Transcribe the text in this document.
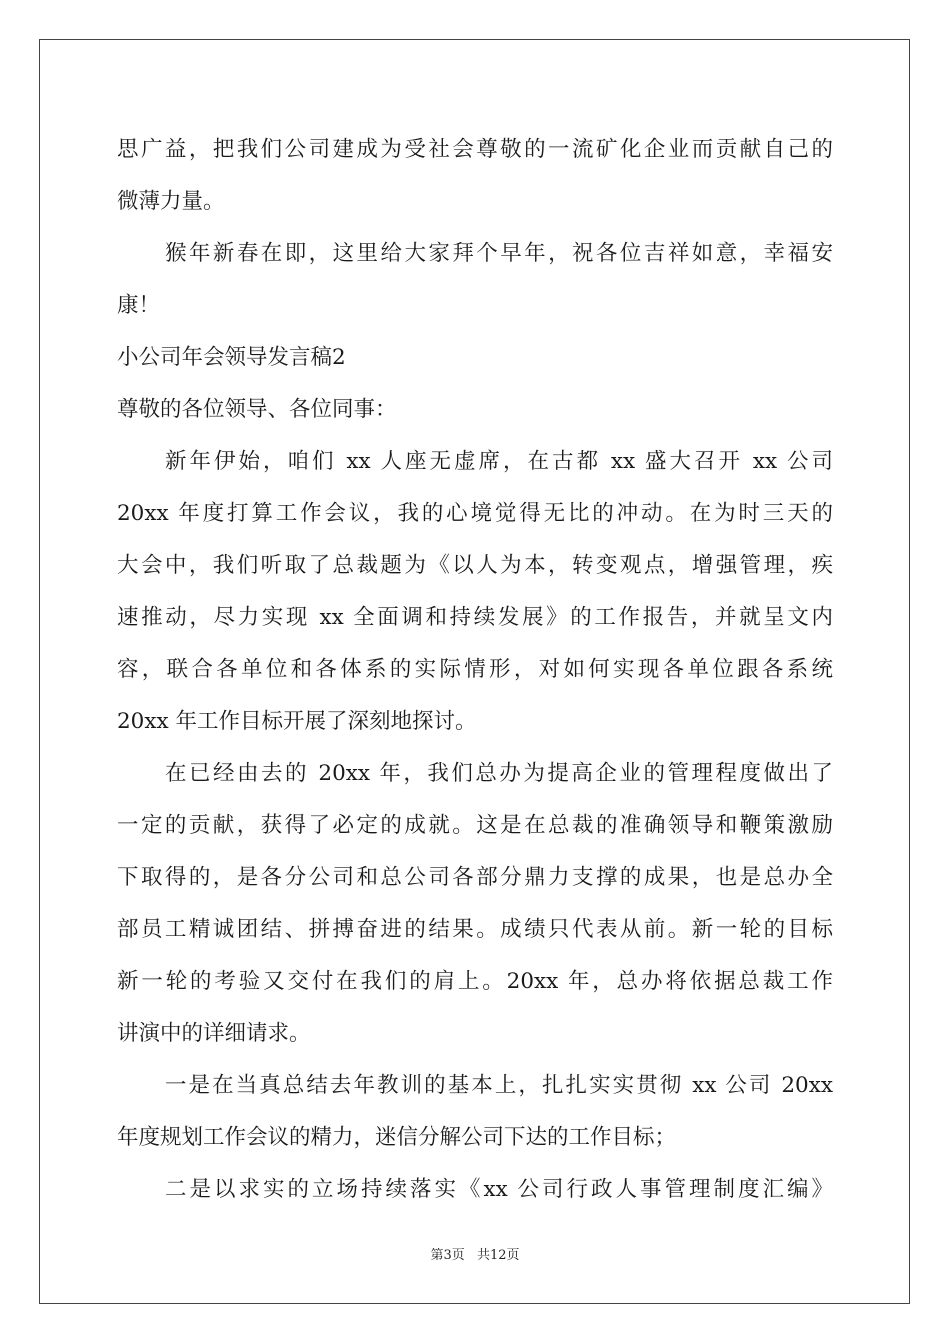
思广益，把我们公司建成为受社会尊敬的一流矿化企业而贡献自己的
微薄力量。
猴年新春在即，这里给大家拜个早年，祝各位吉祥如意，幸福安
康！
小公司年会领导发言稿2
尊敬的各位领导、各位同事：
新年伊始，咱们 xx 人座无虚席，在古都 xx 盛大召开 xx 公司
20xx 年度打算工作会议，我的心境觉得无比的冲动。在为时三天的
大会中，我们听取了总裁题为《以人为本，转变观点，增强管理，疾
速推动，尽力实现 xx 全面调和持续发展》的工作报告，并就呈文内
容，联合各单位和各体系的实际情形，对如何实现各单位跟各系统
20xx 年工作目标开展了深刻地探讨。
在已经由去的 20xx 年，我们总办为提高企业的管理程度做出了
一定的贡献，获得了必定的成就。这是在总裁的准确领导和鞭策激励
下取得的，是各分公司和总公司各部分鼎力支撑的成果，也是总办全
部员工精诚团结、拼搏奋进的结果。成绩只代表从前。新一轮的目标
新一轮的考验又交付在我们的肩上。20xx 年，总办将依据总裁工作
讲演中的详细请求。
一是在当真总结去年教训的基本上，扎扎实实贯彻 xx 公司 20xx
年度规划工作会议的精力，迷信分解公司下达的工作目标；
二是以求实的立场持续落实《xx 公司行政人事管理制度汇编》
第3页 共12页
